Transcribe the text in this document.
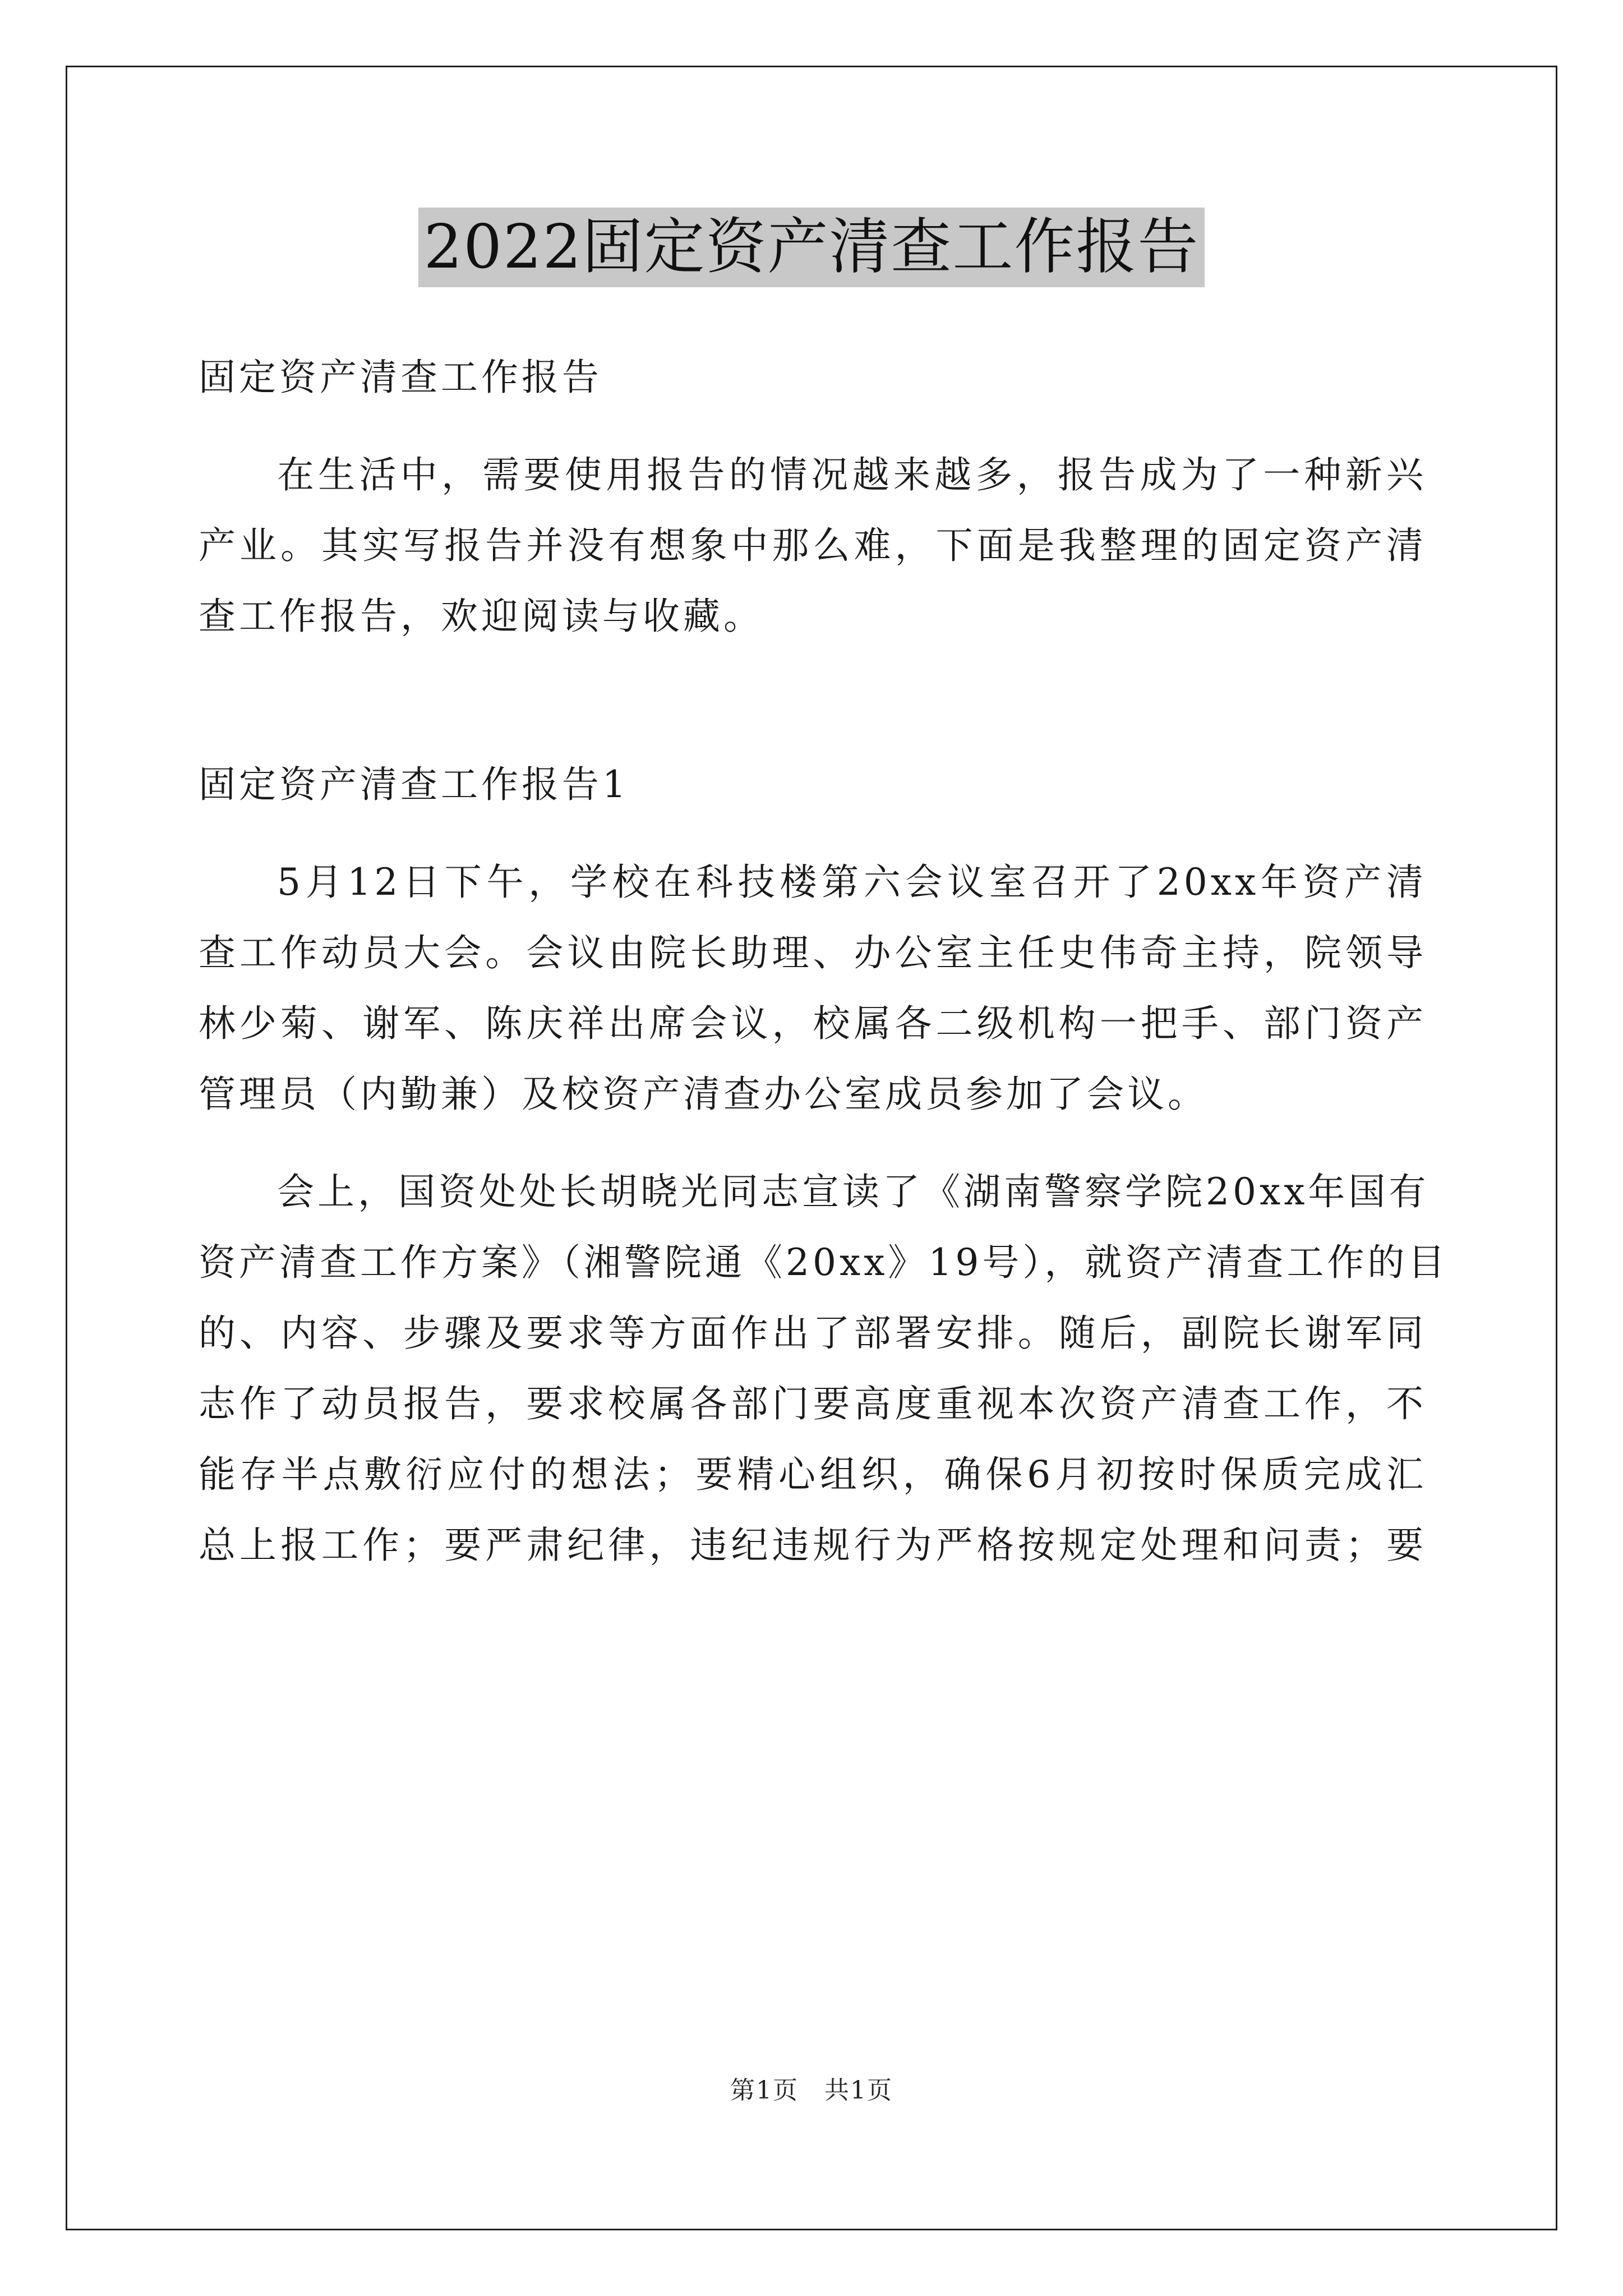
2022固定资产清查工作报告
固定资产清查工作报告
在生活中，需要使用报告的情况越来越多，报告成为了一种新兴
产业。其实写报告并没有想象中那么难，下面是我整理的固定资产清
查工作报告，欢迎阅读与收藏。
固定资产清查工作报告1
5月12日下午，学校在科技楼第六会议室召开了20xx年资产清
查工作动员大会。会议由院长助理、办公室主任史伟奇主持，院领导
林少菊、谢军、陈庆祥出席会议，校属各二级机构一把手、部门资产
管理员（内勤兼）及校资产清查办公室成员参加了会议。
会上，国资处处长胡晓光同志宣读了《湖南警察学院20xx年国有
资产清查工作方案》（湘警院通《20xx》19号），就资产清查工作的目
的、内容、步骤及要求等方面作出了部署安排。随后，副院长谢军同
志作了动员报告，要求校属各部门要高度重视本次资产清查工作，不
能存半点敷衍应付的想法；要精心组织，确保6月初按时保质完成汇
总上报工作；要严肃纪律，违纪违规行为严格按规定处理和问责；要
第1页　共1页
